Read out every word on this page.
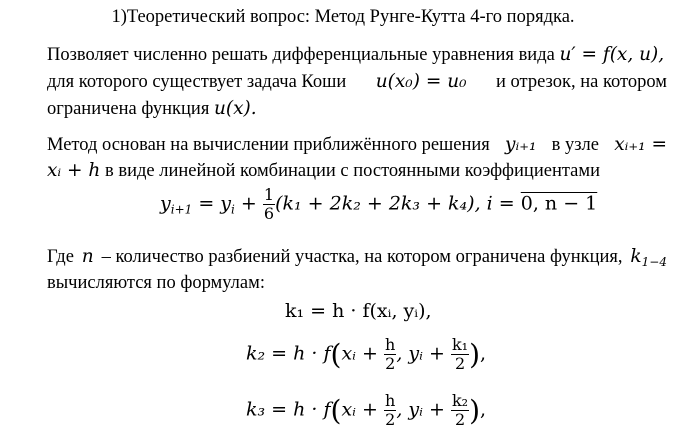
1)Теоретический вопрос: Метод Рунге-Кутта 4-го порядка.
Позволяет численно решать дифференциальные уравнения вида u′ = f(x, u),
для которого существует задача Коши u(x₀) = u₀ и отрезок, на котором
ограничена функция u(x).
Метод основан на вычислении приближённого решения yᵢ₊₁ в узле xᵢ₊₁ =
xᵢ + h в виде линейной комбинации с постоянными коэффициентами
$y_{i+1} = y_i + \frac{1}{6} (k_1 + 2k_2 + 2k_3 + k_4)$, i = 0, n − 1
Где n – количество разбиений участка, на котором ограничена функция, $k_{1-4}$
вычисляются по формулам:
k₁ = h · f(xᵢ, yᵢ),
k₂ = h · f(xᵢ + $\frac{h}{2}$ , yᵢ + $\frac{\text{k₁}}{2}$ ),
k₃ = h · f(xᵢ + $\frac{h}{2}$ , yᵢ + $\frac{\text{k₂}}{2}$ ),
